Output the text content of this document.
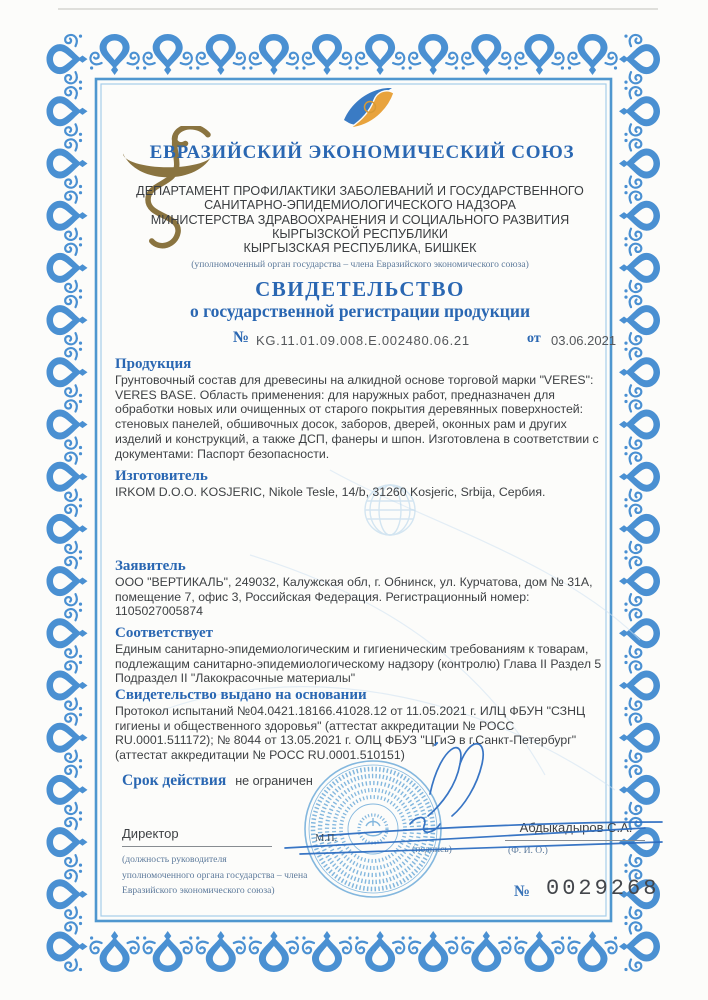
ЕВРАЗИЙСКИЙ ЭКОНОМИЧЕСКИЙ СОЮЗ
ДЕПАРТАМЕНТ ПРОФИЛАКТИКИ ЗАБОЛЕВАНИЙ И ГОСУДАРСТВЕННОГО
САНИТАРНО-ЭПИДЕМИОЛОГИЧЕСКОГО НАДЗОРА
МИНИСТЕРСТВА ЗДРАВООХРАНЕНИЯ И СОЦИАЛЬНОГО РАЗВИТИЯ
КЫРГЫЗСКОЙ РЕСПУБЛИКИ
КЫРГЫЗСКАЯ РЕСПУБЛИКА, БИШКЕК
(уполномоченный орган государства – члена Евразийского экономического союза)
СВИДЕТЕЛЬСТВО
о государственной регистрации продукции
№ KG.11.01.09.008.E.002480.06.21	от 03.06.2021
Продукция
Грунтовочный состав для древесины на алкидной основе торговой марки "VERES": VERES BASE. Область применения: для наружных работ, предназначен для обработки новых или очищенных от старого покрытия деревянных поверхностей: стеновых панелей, обшивочных досок, заборов, дверей, оконных рам и других изделий и конструкций, а также ДСП, фанеры и шпон. Изготовлена в соответствии с документами: Паспорт безопасности.
Изготовитель
IRKOM D.O.O. KOSJERIC, Nikole Tesle, 14/b, 31260 Kosjeric, Srbija, Сербия.
Заявитель
ООО "ВЕРТИКАЛЬ", 249032, Калужская обл, г. Обнинск, ул. Курчатова, дом № 31А, помещение 7, офис 3, Российская Федерация. Регистрационный номер: 1105027005874
Соответствует
Единым санитарно-эпидемиологическим и гигиеническим требованиям к товарам, подлежащим санитарно-эпидемиологическому надзору (контролю) Глава II Раздел 5 Подраздел II "Лакокрасочные материалы"
Свидетельство выдано на основании
Протокол испытаний №04.0421.18166.41028.12 от 11.05.2021 г. ИЛЦ ФБУН "СЗНЦ гигиены и общественного здоровья" (аттестат аккредитации № РОСС RU.0001.511172); № 8044 от 13.05.2021 г. ОЛЦ ФБУЗ "ЦГиЭ в г.Санкт-Петербург" (аттестат аккредитации № РОСС RU.0001.510151)
Срок действия не ограничен
Директор
(должность руководителя
уполномоченного органа государства – члена
Евразийского экономического союза)
М.П.
(подпись)
Абдыкадыров С.А.
(Ф. И. О.)
№ 0029268
